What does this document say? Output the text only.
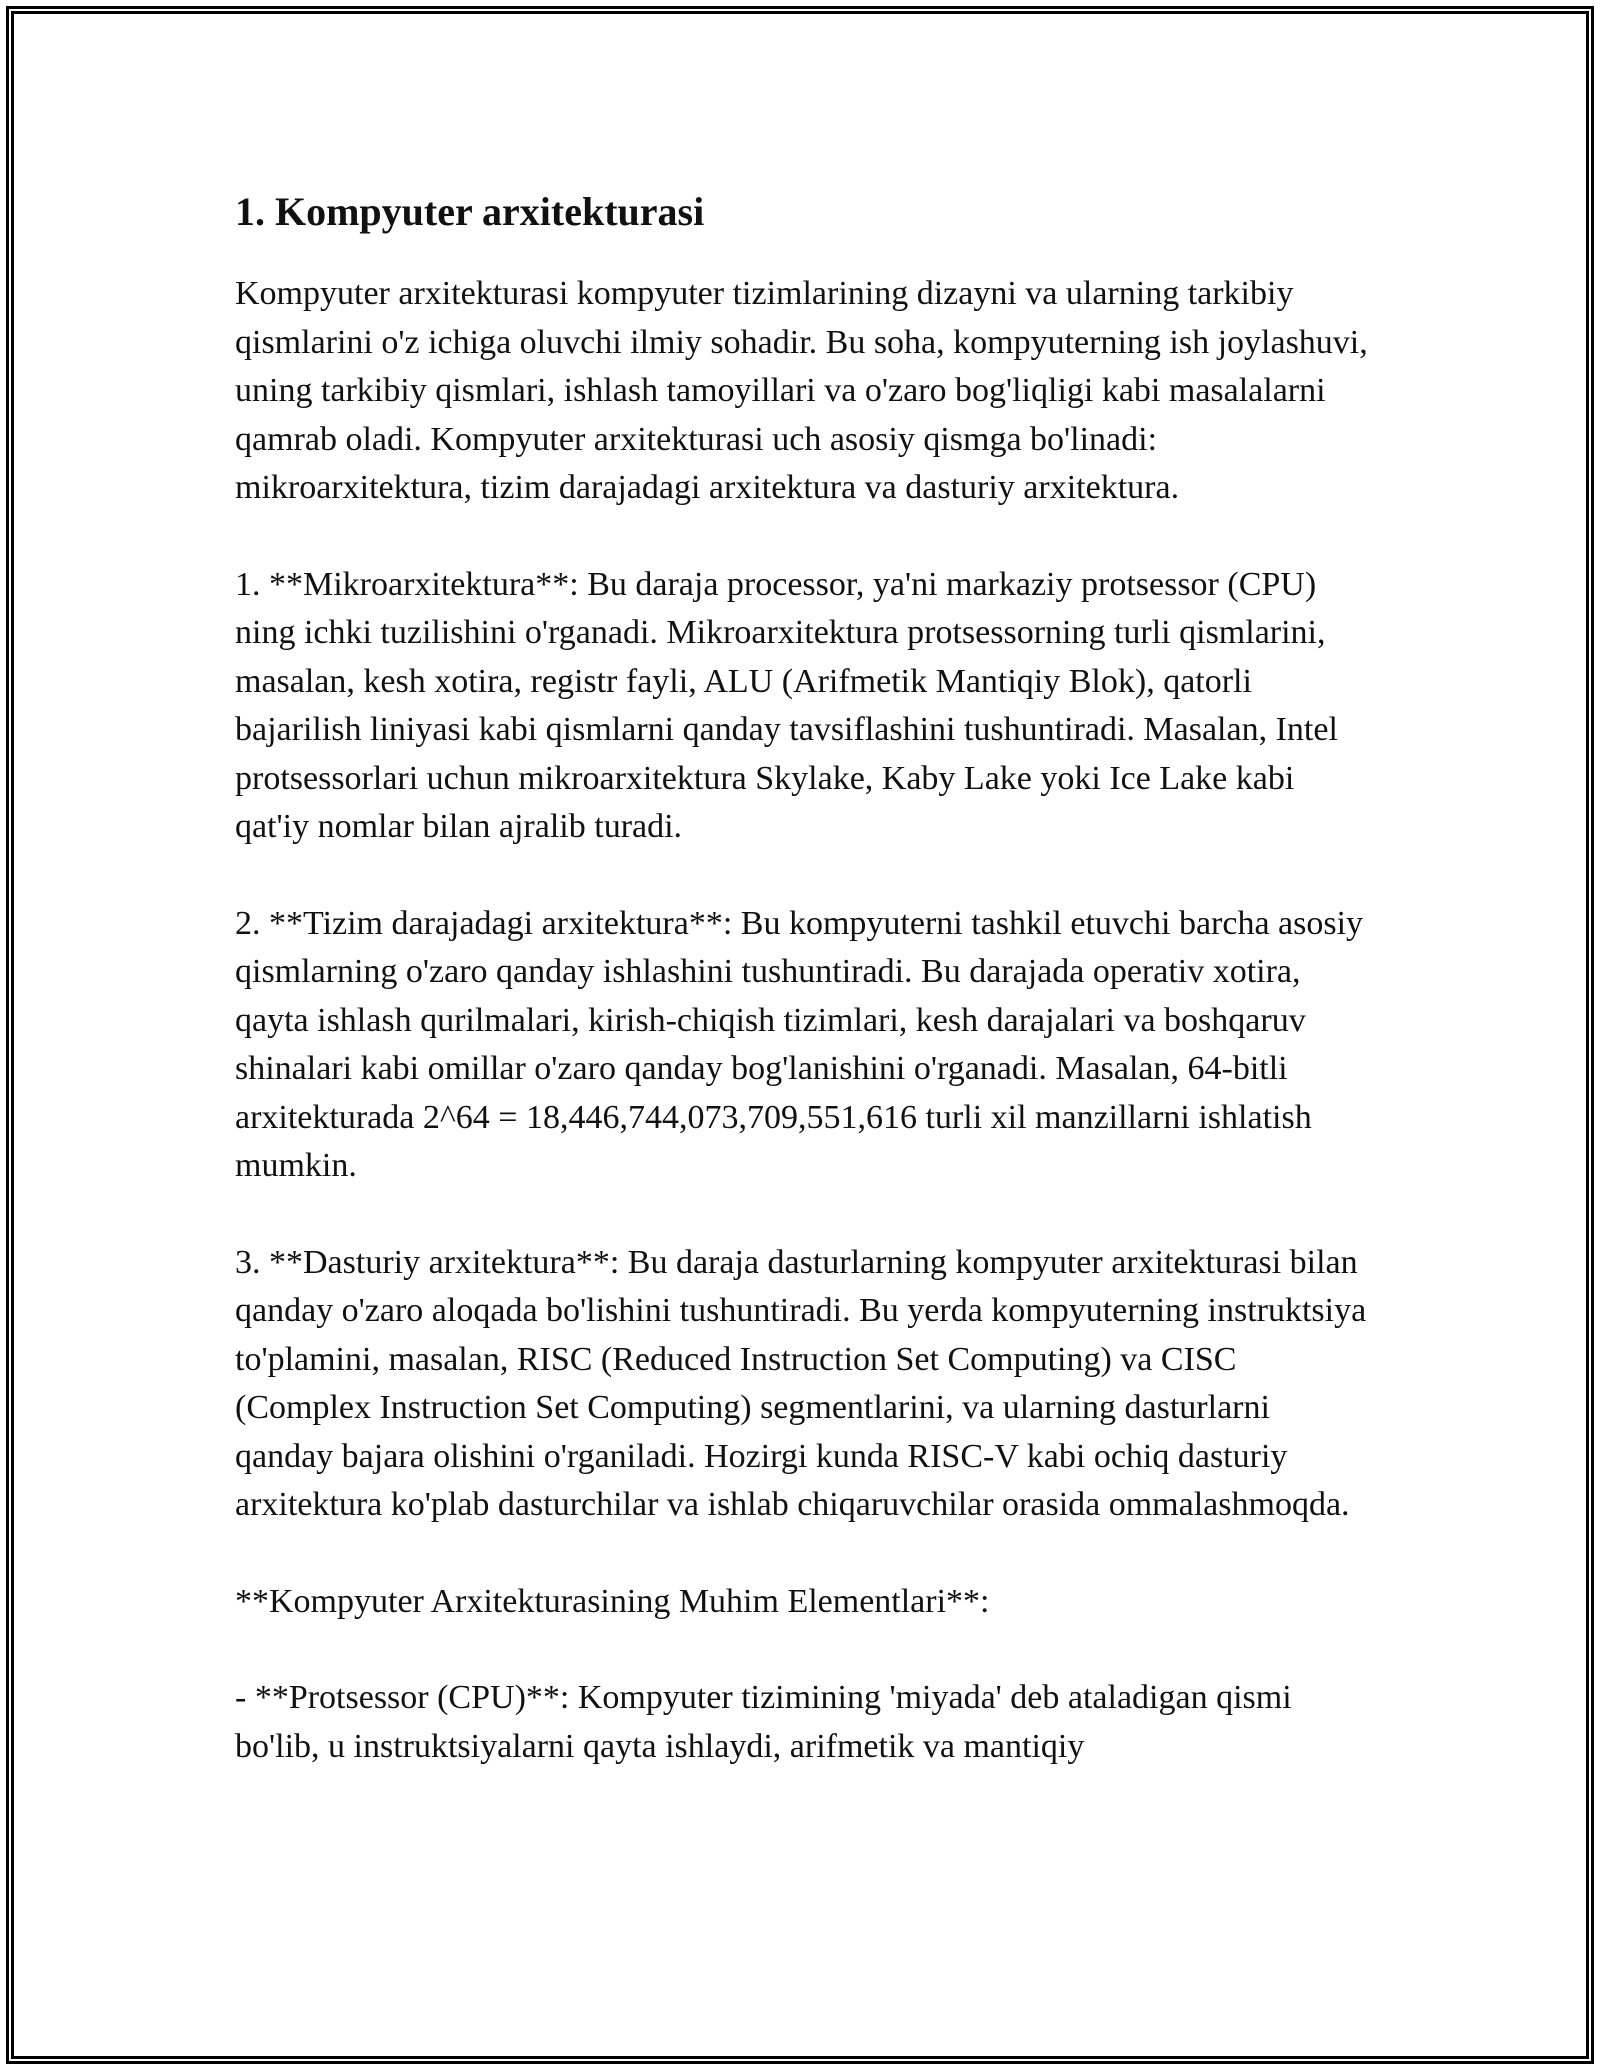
1. Kompyuter arxitekturasi

Kompyuter arxitekturasi kompyuter tizimlarining dizayni va ularning tarkibiy qismlarini o'z ichiga oluvchi ilmiy sohadir. Bu soha, kompyuterning ish joylashuvi, uning tarkibiy qismlari, ishlash tamoyillari va o'zaro bog'liqligi kabi masalalarni qamrab oladi. Kompyuter arxitekturasi uch asosiy qismga bo'linadi: mikroarxitektura, tizim darajadagi arxitektura va dasturiy arxitektura.

1. **Mikroarxitektura**: Bu daraja processor, ya'ni markaziy protsessor (CPU) ning ichki tuzilishini o'rganadi. Mikroarxitektura protsessorning turli qismlarini, masalan, kesh xotira, registr fayli, ALU (Arifmetik Mantiqiy Blok), qatorli bajarilish liniyasi kabi qismlarni qanday tavsiflashini tushuntiradi. Masalan, Intel protsessorlari uchun mikroarxitektura Skylake, Kaby Lake yoki Ice Lake kabi qat'iy nomlar bilan ajralib turadi.

2. **Tizim darajadagi arxitektura**: Bu kompyuterni tashkil etuvchi barcha asosiy qismlarning o'zaro qanday ishlashini tushuntiradi. Bu darajada operativ xotira, qayta ishlash qurilmalari, kirish-chiqish tizimlari, kesh darajalari va boshqaruv shinalari kabi omillar o'zaro qanday bog'lanishini o'rganadi. Masalan, 64-bitli arxitekturada 2^64 = 18,446,744,073,709,551,616 turli xil manzillarni ishlatish mumkin.

3. **Dasturiy arxitektura**: Bu daraja dasturlarning kompyuter arxitekturasi bilan qanday o'zaro aloqada bo'lishini tushuntiradi. Bu yerda kompyuterning instruktsiya to'plamini, masalan, RISC (Reduced Instruction Set Computing) va CISC (Complex Instruction Set Computing) segmentlarini, va ularning dasturlarni qanday bajara olishini o'rganiladi. Hozirgi kunda RISC-V kabi ochiq dasturiy arxitektura ko'plab dasturchilar va ishlab chiqaruvchilar orasida ommalashmoqda.

**Kompyuter Arxitekturasining Muhim Elementlari**:

- **Protsessor (CPU)**: Kompyuter tizimining 'miyada' deb ataladigan qismi bo'lib, u instruktsiyalarni qayta ishlaydi, arifmetik va mantiqiy
